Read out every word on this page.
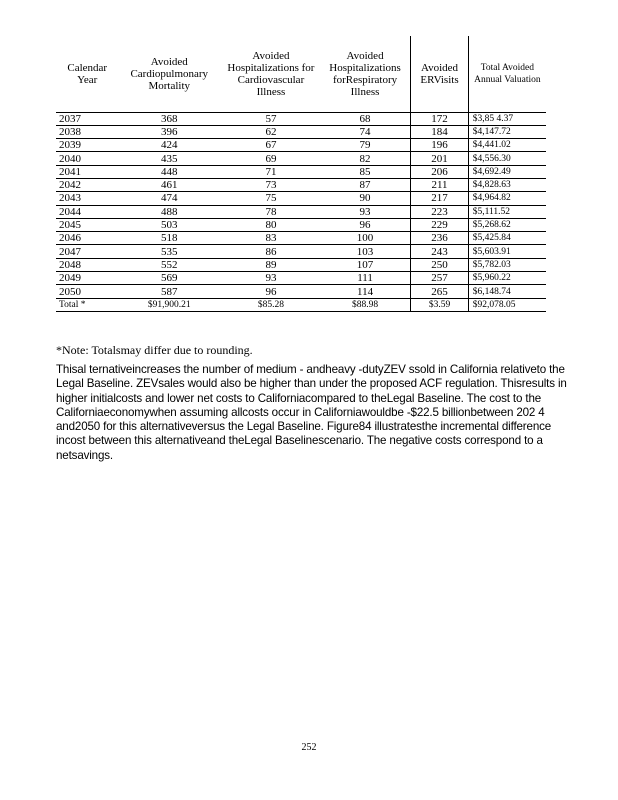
Calendar Year	Avoided Cardiopulmonary Mortality	Avoided Hospitalizations for Cardiovascular Illness	Avoided Hospitalizations forRespiratory Illness	Avoided ERVisits	Total Avoided Annual Valuation
2037	368	57	68	172	$3,85 4.37
2038	396	62	74	184	$4,147.72
2039	424	67	79	196	$4,441.02
2040	435	69	82	201	$4,556.30
2041	448	71	85	206	$4,692.49
2042	461	73	87	211	$4,828.63
2043	474	75	90	217	$4,964.82
2044	488	78	93	223	$5,111.52
2045	503	80	96	229	$5,268.62
2046	518	83	100	236	$5,425.84
2047	535	86	103	243	$5,603.91
2048	552	89	107	250	$5,782.03
2049	569	93	111	257	$5,960.22
2050	587	96	114	265	$6,148.74
Total *	$91,900.21	$85.28	$88.98	$3.59	$92,078.05
*Note: Totalsmay differ due to rounding.

Thisal ternativeincreases the number of medium - andheavy -dutyZEV ssold in California relativeto the Legal Baseline. ZEVsales would also be higher than under the proposed ACF regulation. Thisresults in higher initialcosts and lower net costs to Californiacompared to theLegal Baseline. The cost to the Californiaeconomywhen assuming allcosts occur in Californiawouldbe -$22.5 billionbetween 202 4 and2050 for this alternativeversus the Legal Baseline. Figure84 illustratesthe incremental difference incost between this alternativeand theLegal Baselinescenario. The negative costs correspond to a netsavings.

252
